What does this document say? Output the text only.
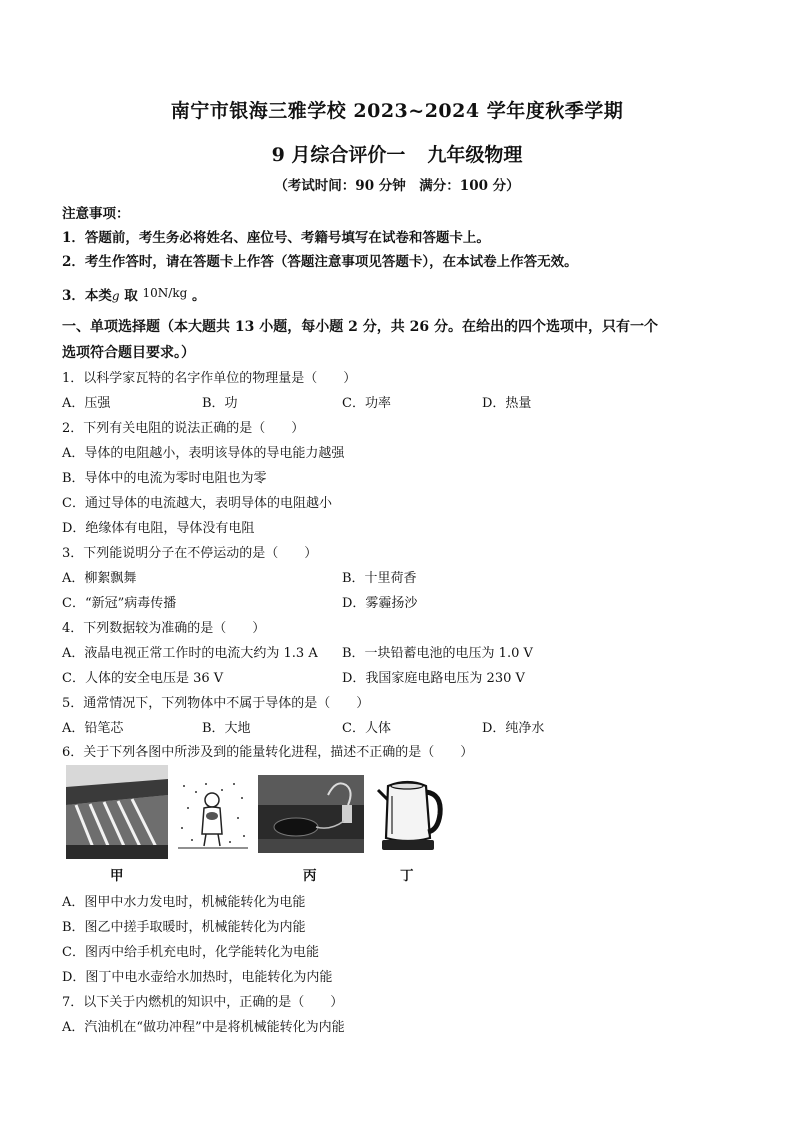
南宁市银海三雅学校 2023~2024 学年度秋季学期
9 月综合评价一 九年级物理
（考试时间：90 分钟　满分：100 分）
注意事项：
1．答题前，考生务必将姓名、座位号、考籍号填写在试卷和答题卡上。
2．考生作答时，请在答题卡上作答（答题注意事项见答题卡），在本试卷上作答无效。
3．本类g 取 10N/kg 。
一、单项选择题（本大题共 13 小题，每小题 2 分，共 26 分。在给出的四个选项中，只有一个
选项符合题目要求。）
1．以科学家瓦特的名字作单位的物理量是（　　）
A．压强	B．功	C．功率	D．热量
2．下列有关电阻的说法正确的是（　　）
A．导体的电阻越小，表明该导体的导电能力越强
B．导体中的电流为零时电阻也为零
C．通过导体的电流越大，表明导体的电阻越小
D．绝缘体有电阻，导体没有电阻
3．下列能说明分子在不停运动的是（　　）
A．柳絮飘舞	B．十里荷香
C．“新冠”病毒传播	D．雾霾扬沙
4．下列数据较为准确的是（　　）
A．液晶电视正常工作时的电流大约为 1.3 A B．一块铅蓄电池的电压为 1.0 V
C．人体的安全电压是 36 V	D．我国家庭电路电压为 230 V
5．通常情况下，下列物体中不属于导体的是（　　）
A．铅笔芯	B．大地	C．人体	D．纯净水
6．关于下列各图中所涉及到的能量转化进程，描述不正确的是（　　）
甲	丙	丁
A．图甲中水力发电时，机械能转化为电能
B．图乙中搓手取暖时，机械能转化为内能
C．图丙中给手机充电时，化学能转化为电能
D．图丁中电水壶给水加热时，电能转化为内能
7．以下关于内燃机的知识中，正确的是（　　）
A．汽油机在“做功冲程”中是将机械能转化为内能
